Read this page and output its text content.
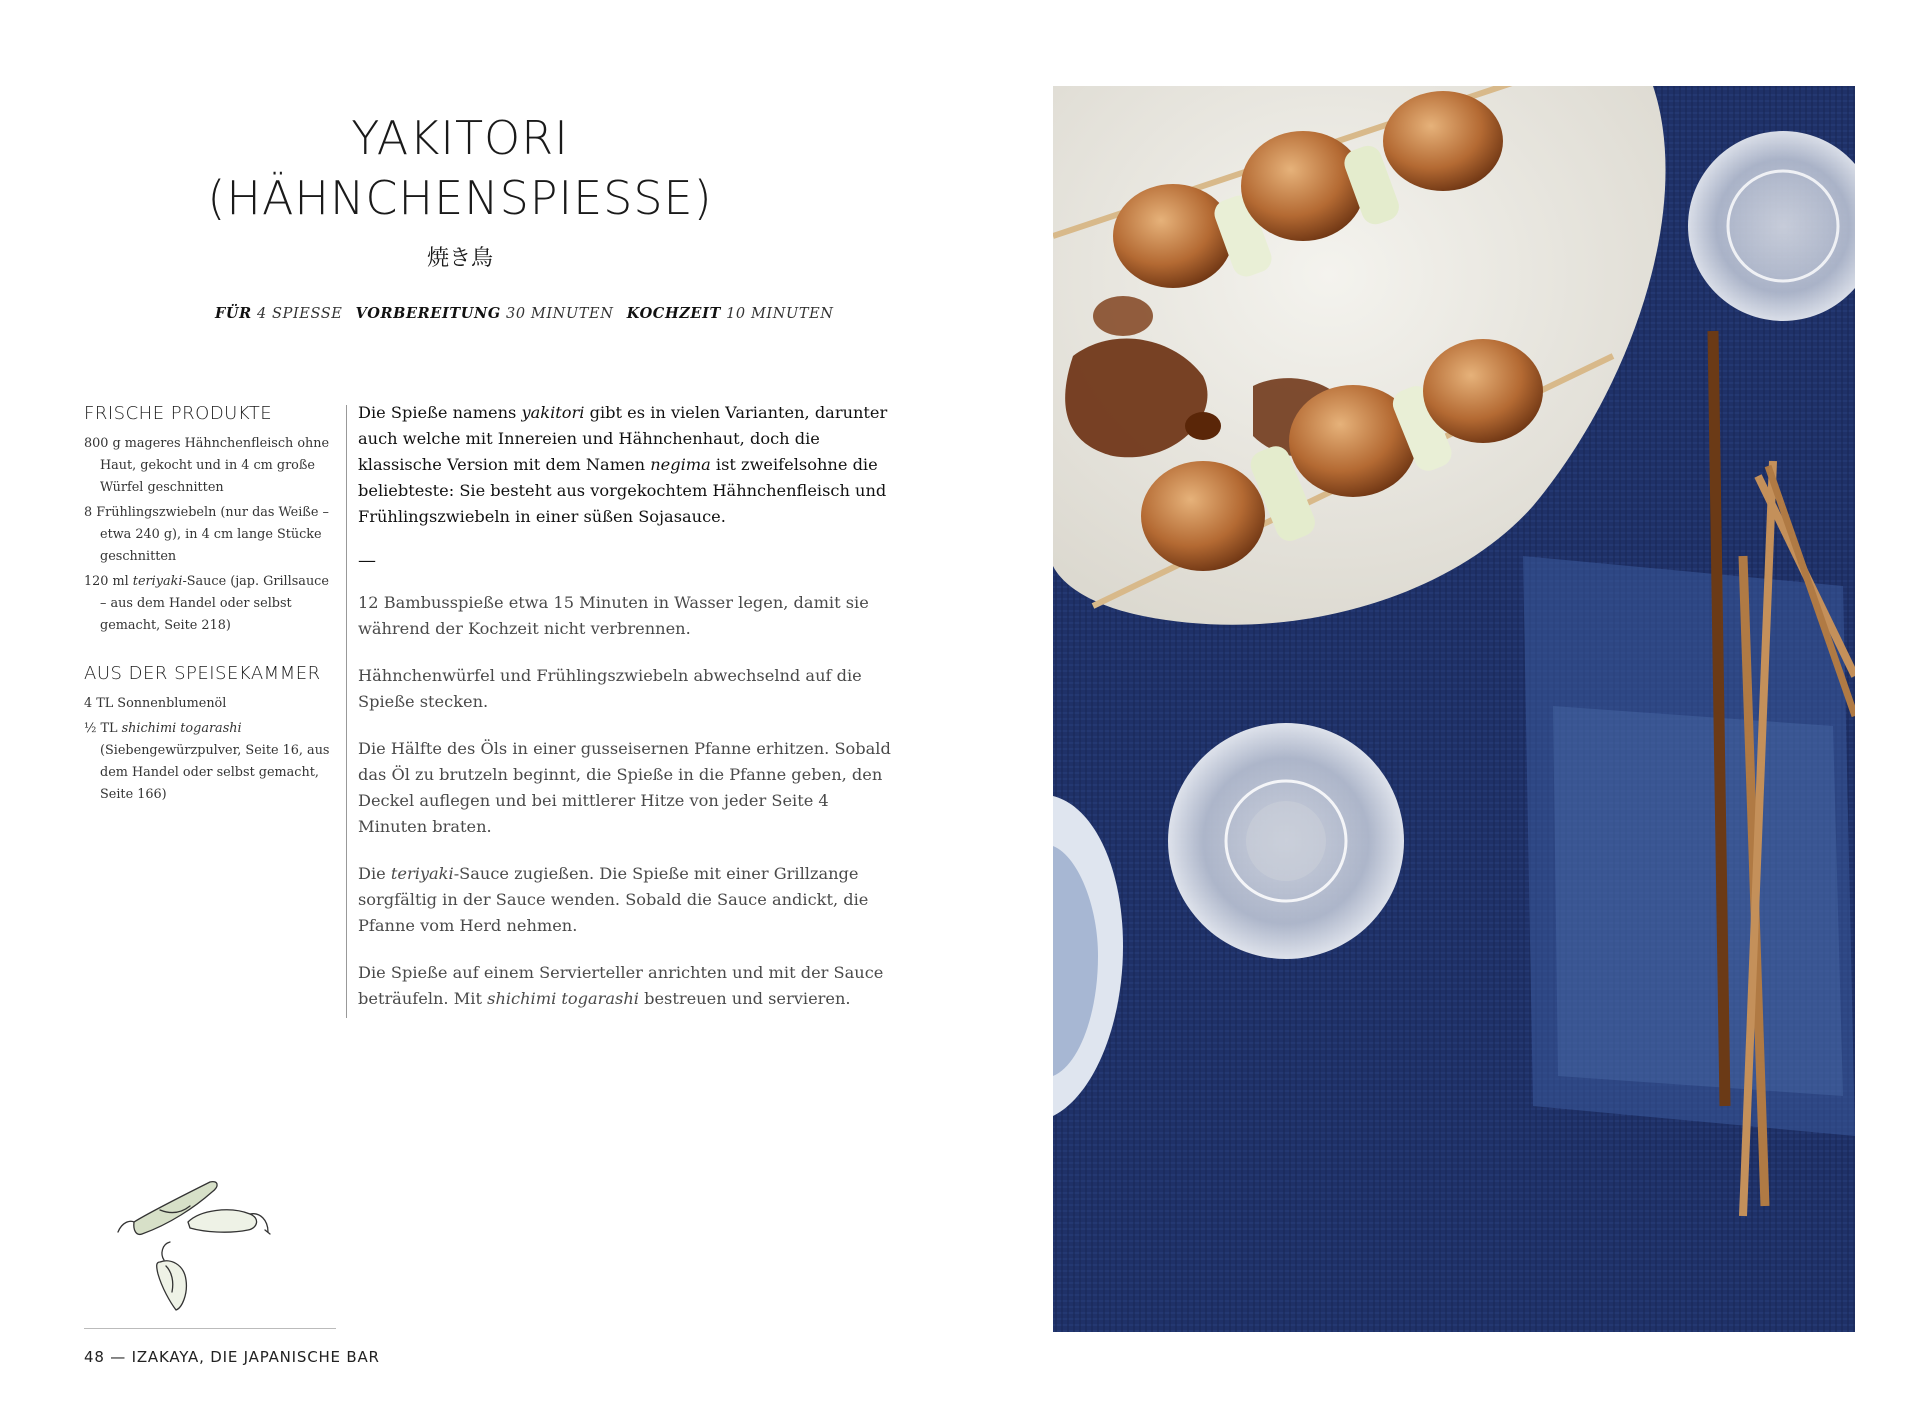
YAKITORI
(HÄHNCHENSPIESSE)
焼き鳥
FÜR 4 SPIESSE VORBEREITUNG 30 MINUTEN KOCHZEIT 10 MINUTEN
FRISCHE PRODUKTE
800 g mageres Hähnchenfleisch ohne Haut, gekocht und in 4 cm große Würfel geschnitten
8 Frühlingszwiebeln (nur das Weiße – etwa 240 g), in 4 cm lange Stücke geschnitten
120 ml teriyaki-Sauce (jap. Grillsauce – aus dem Handel oder selbst gemacht, Seite 218)
AUS DER SPEISEKAMMER
4 TL Sonnenblumenöl
½ TL shichimi togarashi (Siebengewürzpulver, Seite 16, aus dem Handel oder selbst gemacht, Seite 166)

Die Spieße namens yakitori gibt es in vielen Varianten, darunter auch welche mit Innereien und Hähnchenhaut, doch die klassische Version mit dem Namen negima ist zweifelsohne die beliebteste: Sie besteht aus vorgekochtem Hähnchenfleisch und Frühlingszwiebeln in einer süßen Sojasauce.

—

12 Bambusspieße etwa 15 Minuten in Wasser legen, damit sie während der Kochzeit nicht verbrennen.

Hähnchenwürfel und Frühlingszwiebeln abwechselnd auf die Spieße stecken.

Die Hälfte des Öls in einer gusseisernen Pfanne erhitzen. Sobald das Öl zu brutzeln beginnt, die Spieße in die Pfanne geben, den Deckel auflegen und bei mittlerer Hitze von jeder Seite 4 Minuten braten.

Die teriyaki-Sauce zugießen. Die Spieße mit einer Grillzange sorgfältig in der Sauce wenden. Sobald die Sauce andickt, die Pfanne vom Herd nehmen.

Die Spieße auf einem Servierteller anrichten und mit der Sauce beträufeln. Mit shichimi togarashi bestreuen und servieren.

48 — IZAKAYA, DIE JAPANISCHE BAR
